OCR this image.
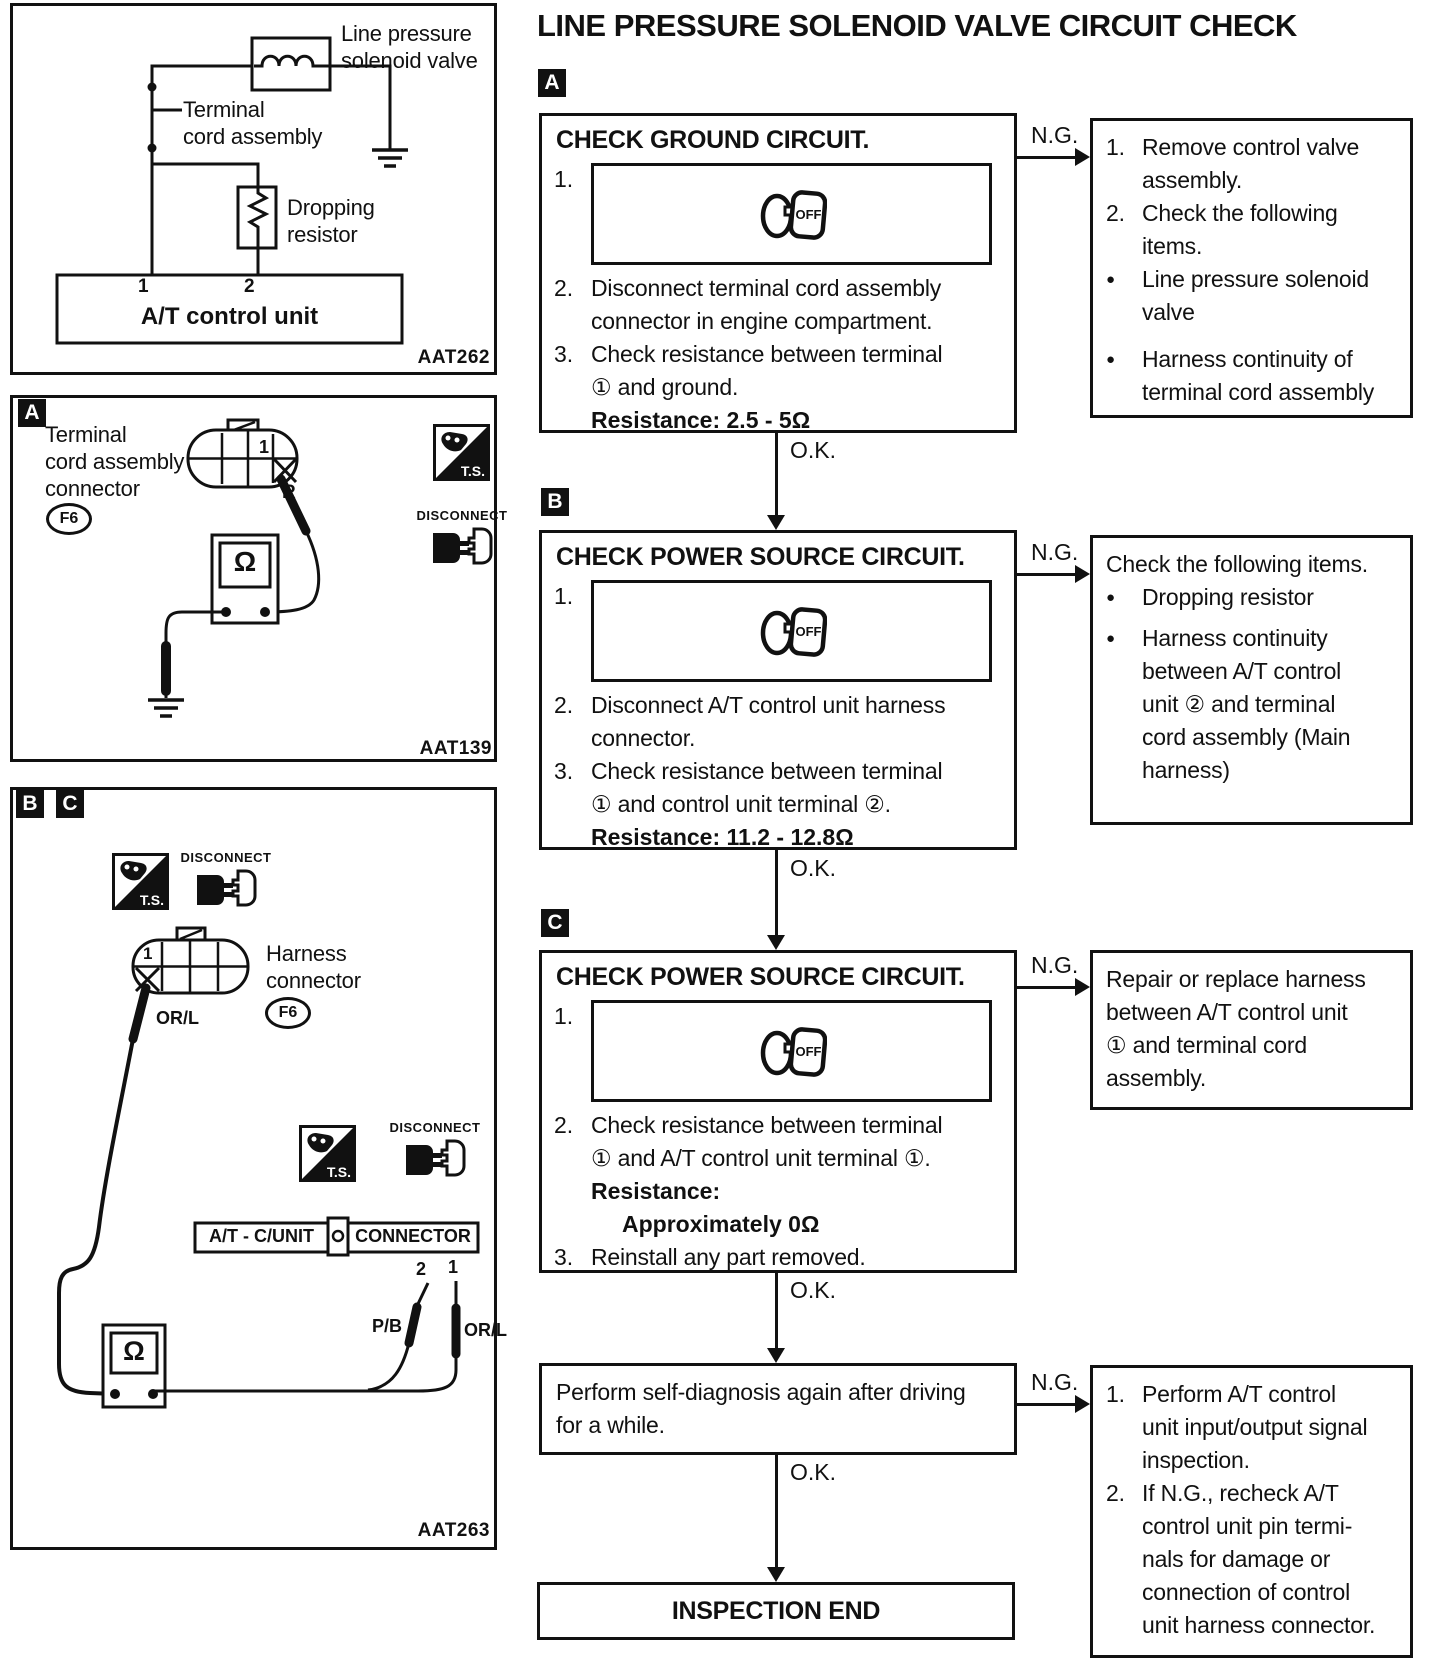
LINE PRESSURE SOLENOID VALVE CIRCUIT CHECK
Line pressure
solenoid valve
Terminal
cord assembly
Dropping
resistor
1	2
A/T control unit
AAT262
A
Terminal
cord assembly
connector
F6
1
R
Ω
T.S.
DISCONNECT
AAT139
B	C
T.S.
DISCONNECT
1
OR/L
Harness
connector
F6
T.S.
DISCONNECT
A/T - C/UNIT	CONNECTOR
2 1
P/B	OR/L
Ω
AAT263
A
CHECK GROUND CIRCUIT.
1.
OFF
2. Disconnect terminal cord assembly
connector in engine compartment.
3. Check resistance between terminal
① and ground.
Resistance: 2.5 - 5Ω
B
CHECK POWER SOURCE CIRCUIT.
1.
OFF
2. Disconnect A/T control unit harness
connector.
3. Check resistance between terminal
① and control unit terminal ②.
Resistance: 11.2 - 12.8Ω
C
CHECK POWER SOURCE CIRCUIT.
1.
OFF
2. Check resistance between terminal
① and A/T control unit terminal ①.
Resistance:
Approximately 0Ω
3. Reinstall any part removed.
Perform self-diagnosis again after driving
for a while.
INSPECTION END
O.K.
O.K.
O.K.
O.K.
N.G.
N.G.
N.G.
N.G.
1. Remove control valve
assembly.
2. Check the following
items.
●	Line pressure solenoid
valve
●	Harness continuity of
terminal cord assembly
Check the following items.
●	Dropping resistor
●	Harness continuity
between A/T control
unit ② and terminal
cord assembly (Main
harness)
Repair or replace harness
between A/T control unit
① and terminal cord
assembly.
1. Perform A/T control
unit input/output signal
inspection.
2. If N.G., recheck A/T
control unit pin termi-
nals for damage or
connection of control
unit harness connector.
